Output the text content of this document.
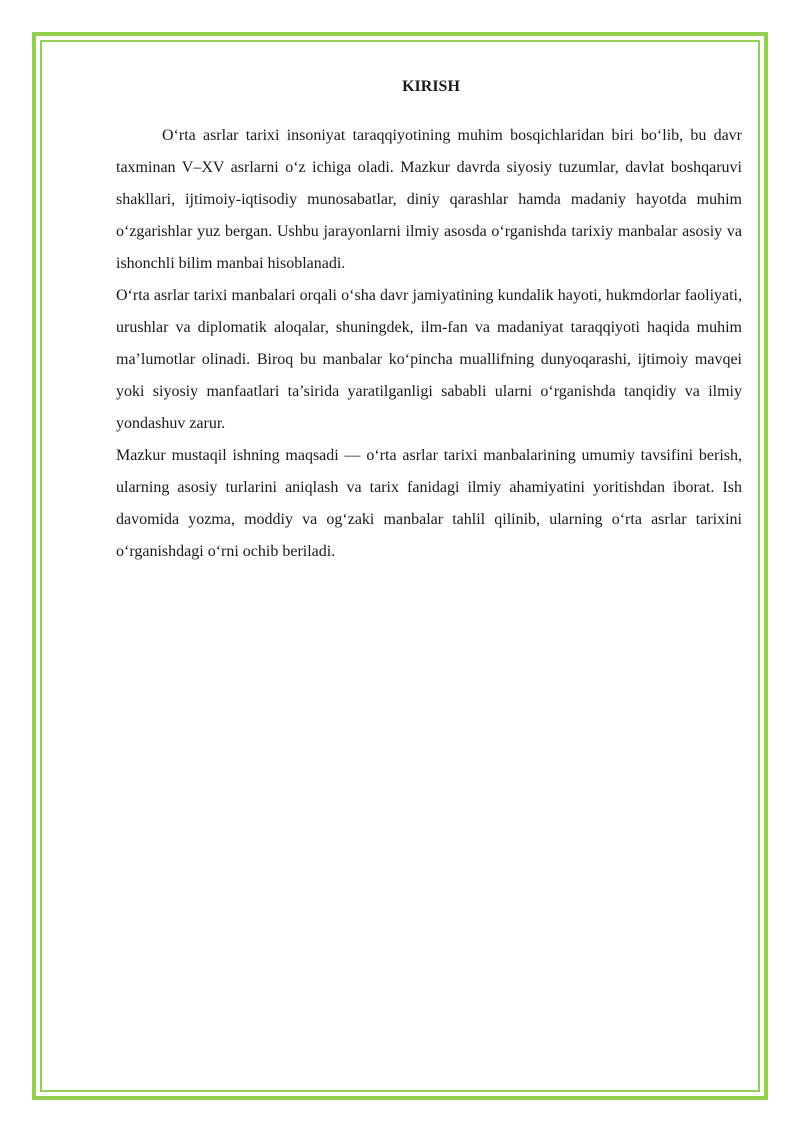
KIRISH

O‘rta asrlar tarixi insoniyat taraqqiyotining muhim bosqichlaridan biri bo‘lib, bu davr taxminan V–XV asrlarni o‘z ichiga oladi. Mazkur davrda siyosiy tuzumlar, davlat boshqaruvi shakllari, ijtimoiy-iqtisodiy munosabatlar, diniy qarashlar hamda madaniy hayotda muhim o‘zgarishlar yuz bergan. Ushbu jarayonlarni ilmiy asosda o‘rganishda tarixiy manbalar asosiy va ishonchli bilim manbai hisoblanadi.

O‘rta asrlar tarixi manbalari orqali o‘sha davr jamiyatining kundalik hayoti, hukmdorlar faoliyati, urushlar va diplomatik aloqalar, shuningdek, ilm-fan va madaniyat taraqqiyoti haqida muhim ma’lumotlar olinadi. Biroq bu manbalar ko‘pincha muallifning dunyoqarashi, ijtimoiy mavqei yoki siyosiy manfaatlari ta’sirida yaratilganligi sababli ularni o‘rganishda tanqidiy va ilmiy yondashuv zarur.

Mazkur mustaqil ishning maqsadi — o‘rta asrlar tarixi manbalarining umumiy tavsifini berish, ularning asosiy turlarini aniqlash va tarix fanidagi ilmiy ahamiyatini yoritishdan iborat. Ish davomida yozma, moddiy va og‘zaki manbalar tahlil qilinib, ularning o‘rta asrlar tarixini o‘rganishdagi o‘rni ochib beriladi.
